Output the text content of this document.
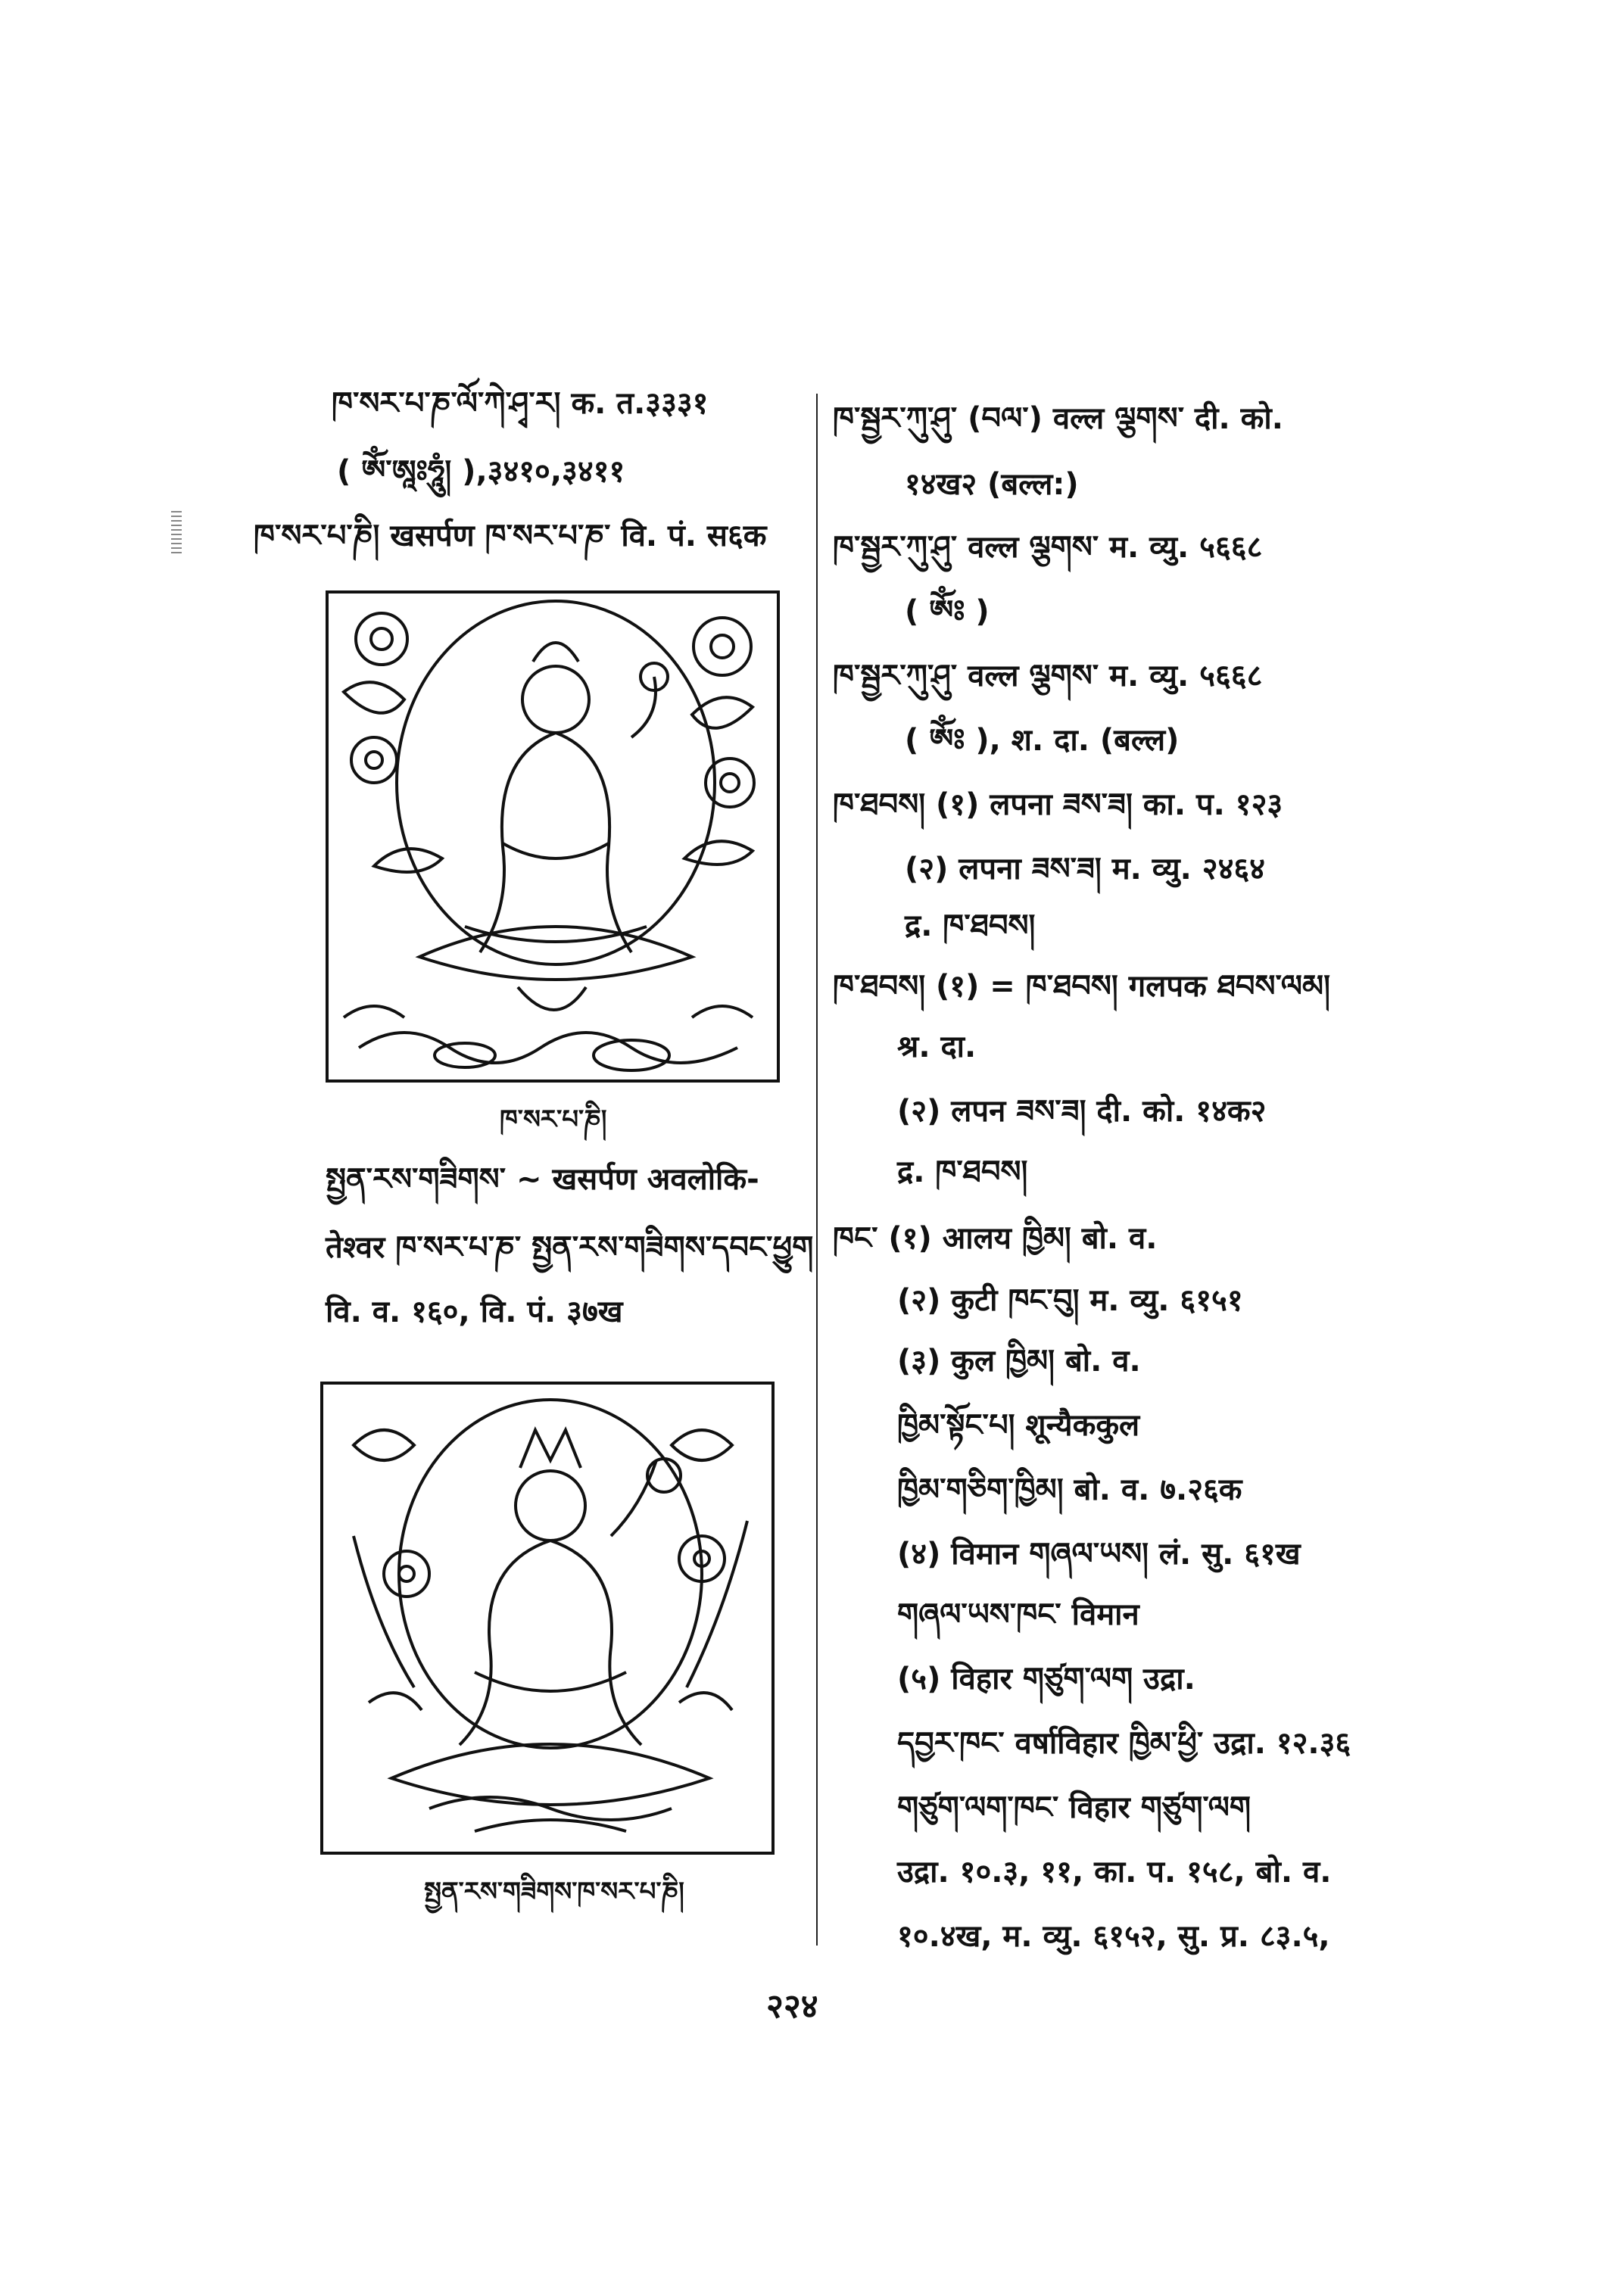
ཁ་སར་པ་ཎ་ལོ་ཀེ་ཤྭ་ར། क. त.३३३१
( ༀ་ཨཱཿཧཱུཾ། ),३४१०,३४११
ཁ་སར་པ་ཎི། खसर्पण ཁ་སར་པ་ཎ་ वि. पं. स६क
ཁ་སར་པ་ཎི།
སྤྱན་རས་གཟིགས་ ~ खसर्पण अवलोकि-
तेश्वर ཁ་སར་པ་ཎ་ སྤྱན་རས་གཟིགས་དབང་ཕྱུག
वि. व. १६०, वि. पं. ३७ख
སྤྱན་རས་གཟིགས་ཁ་སར་པ་ཎི།
ཁ་སྦྱར་ཀུ་ཤུ་ (བལ་) वल्ल ལྕགས་ दी. को.
१४ख२ (बल्ल:)
ཁ་སྦྱར་ཀུ་ཤུ་ वल्ल ལྕགས་ म. व्यु. ५६६८
( ༀཿ )
ཁ་སྦྱར་ཀུ་ཤུ་ वल्ल ལྕགས་ म. व्यु. ५६६८
( ༀཿ ), श. दा. (बल्ल)
ཁ་ཐབས། (१) लपना ཟས་ཟ། का. प. १२३
(२) लपना ཟས་ཟ། म. व्यु. २४६४
द्र. ཁ་ཐབས།
ཁ་ཐབས། (१) = ཁ་ཐབས། गलपक ཐབས་ལམ།
श्र. दा.
(२) लपन ཟས་ཟ། दी. को. १४क२
द्र. ཁ་ཐབས།
ཁང་ (१) आलय ཁྱིམ། बो. व.
(२) कुटी ཁང་བུ། म. व्यु. ६१५१
(३) कुल ཁྱིམ། बो. व.
ཁྱིམ་སྟོང་པ། शून्यैककुल
ཁྱིམ་གཅིག་ཁྱིམ། बो. व. ७.२६क
(४) विमान གཞལ་ཡས། लं. सु. ६१ख
གཞལ་ཡས་ཁང་ विमान
(५) विहार གཙུག་ལག उद्रा.
དབྱར་ཁང་ वर्षाविहार ཁྱིམ་ཕྱི་ उद्रा. १२.३६
གཙུག་ལག་ཁང་ विहार གཙུག་ལག
उद्रा. १०.३, ११, का. प. १५८, बो. व.
१०.४ख, म. व्यु. ६१५२, सु. प्र. ८३.५,
२२४
